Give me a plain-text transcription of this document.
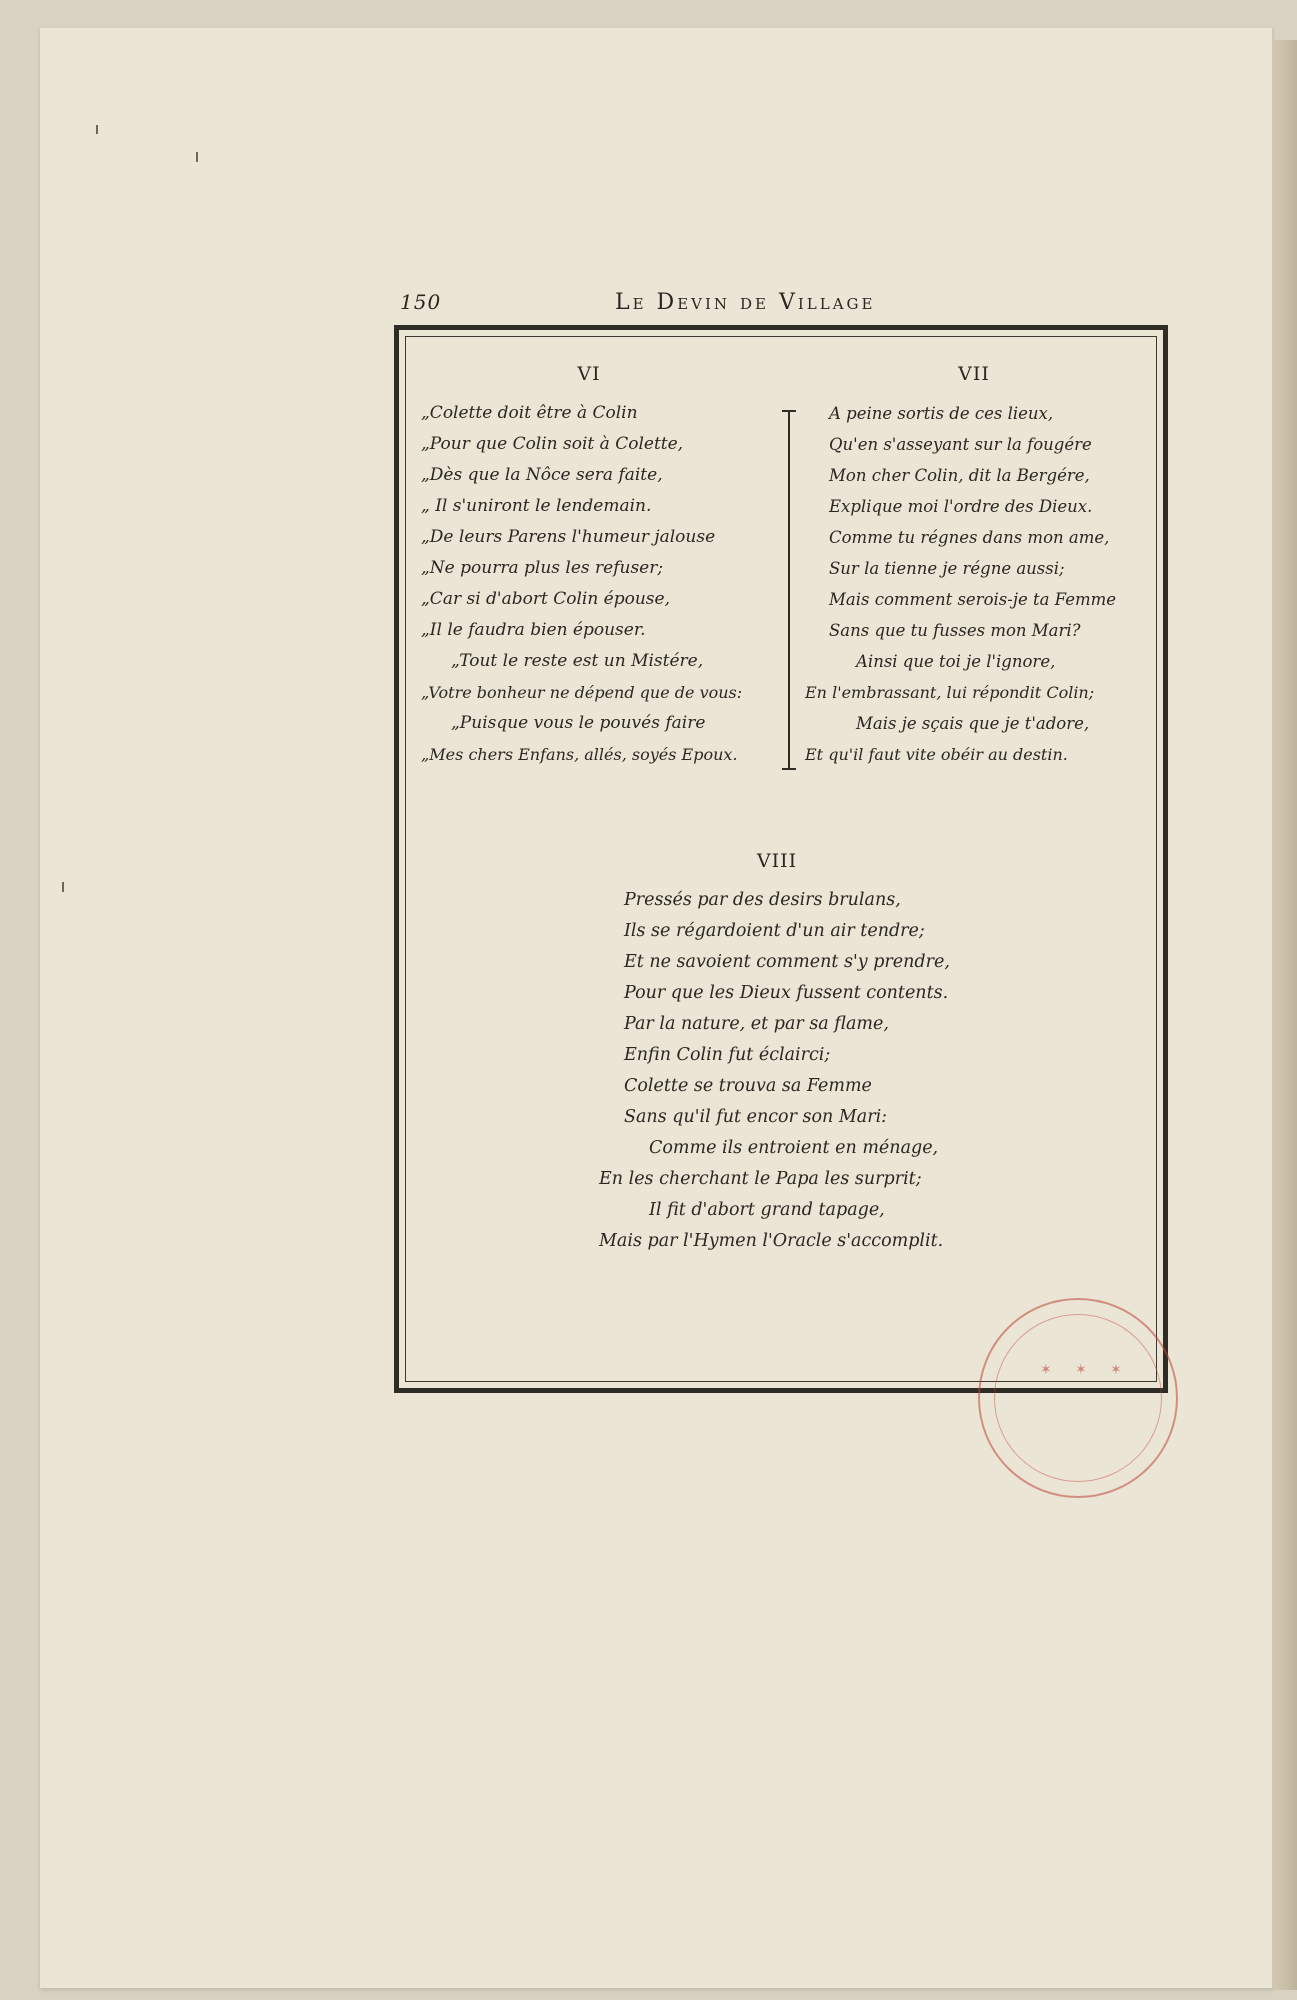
150	Le Devin de Village
VI
„Colette doit être à Colin
„Pour que Colin soit à Colette,
„Dès que la Nôce sera faite,
„ Il s'uniront le lendemain.
„De leurs Parens l'humeur jalouse
„Ne pourra plus les refuser;
„Car si d'abort Colin épouse,
„Il le faudra bien épouser.
„Tout le reste est un Mistére,
„Votre bonheur ne dépend que de vous:
„Puisque vous le pouvés faire
„Mes chers Enfans, allés, soyés Epoux.
VII
A peine sortis de ces lieux,
Qu'en s'asseyant sur la fougére
Mon cher Colin, dit la Bergére,
Explique moi l'ordre des Dieux.
Comme tu régnes dans mon ame,
Sur la tienne je régne aussi;
Mais comment serois-je ta Femme
Sans que tu fusses mon Mari?
Ainsi que toi je l'ignore,
En l'embrassant, lui répondit Colin;
Mais je sçais que je t'adore,
Et qu'il faut vite obéir au destin.
VIII
Pressés par des desirs brulans,
Ils se régardoient d'un air tendre;
Et ne savoient comment s'y prendre,
Pour que les Dieux fussent contents.
Par la nature, et par sa flame,
Enfin Colin fut éclairci;
Colette se trouva sa Femme
Sans qu'il fut encor son Mari:
Comme ils entroient en ménage,
En les cherchant le Papa les surprit;
Il fit d'abort grand tapage,
Mais par l'Hymen l'Oracle s'accomplit.
✶ ✶ ✶
